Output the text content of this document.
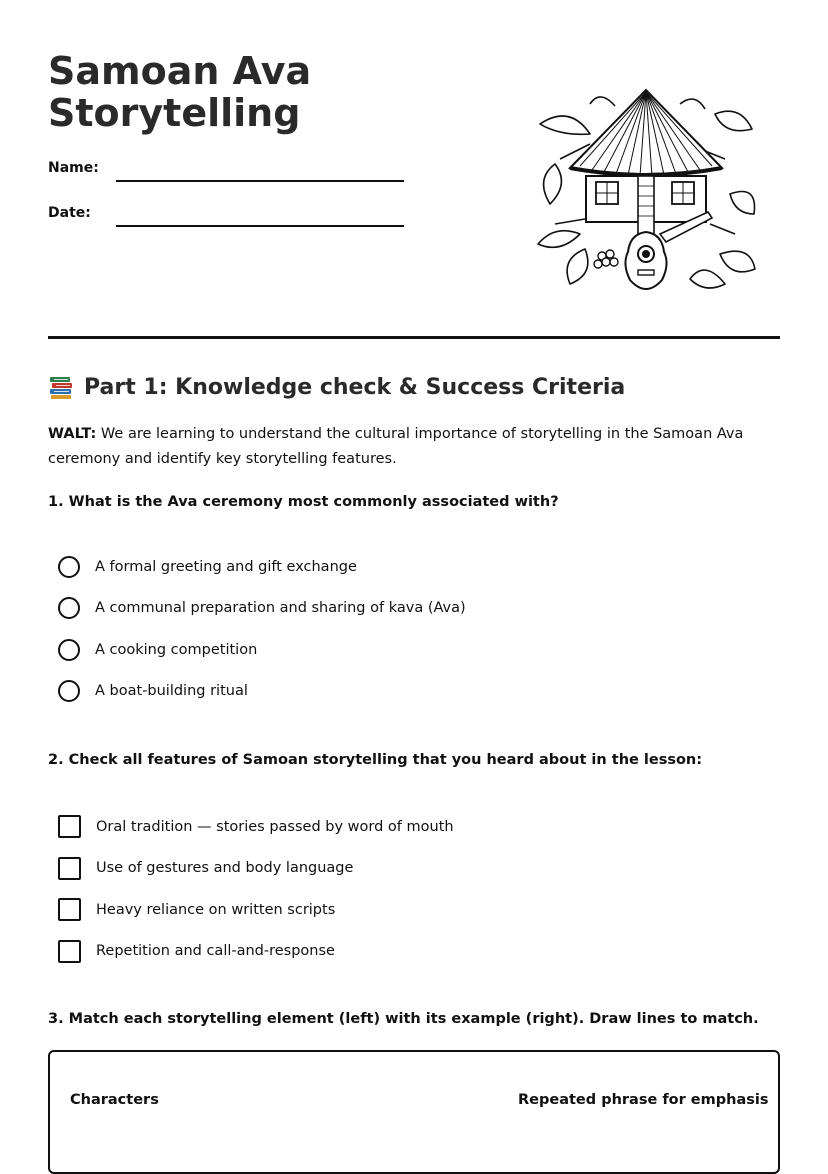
Samoan Ava Storytelling
Name:
Date:
Part 1: Knowledge check & Success Criteria

WALT: We are learning to understand the cultural importance of storytelling in the Samoan Ava ceremony and identify key storytelling features.

1. What is the Ava ceremony most commonly associated with?

A formal greeting and gift exchange
A communal preparation and sharing of kava (Ava)
A cooking competition
A boat-building ritual

2. Check all features of Samoan storytelling that you heard about in the lesson:

Oral tradition — stories passed by word of mouth
Use of gestures and body language
Heavy reliance on written scripts
Repetition and call-and-response

3. Match each storytelling element (left) with its example (right). Draw lines to match.

Characters	Repeated phrase for emphasis
